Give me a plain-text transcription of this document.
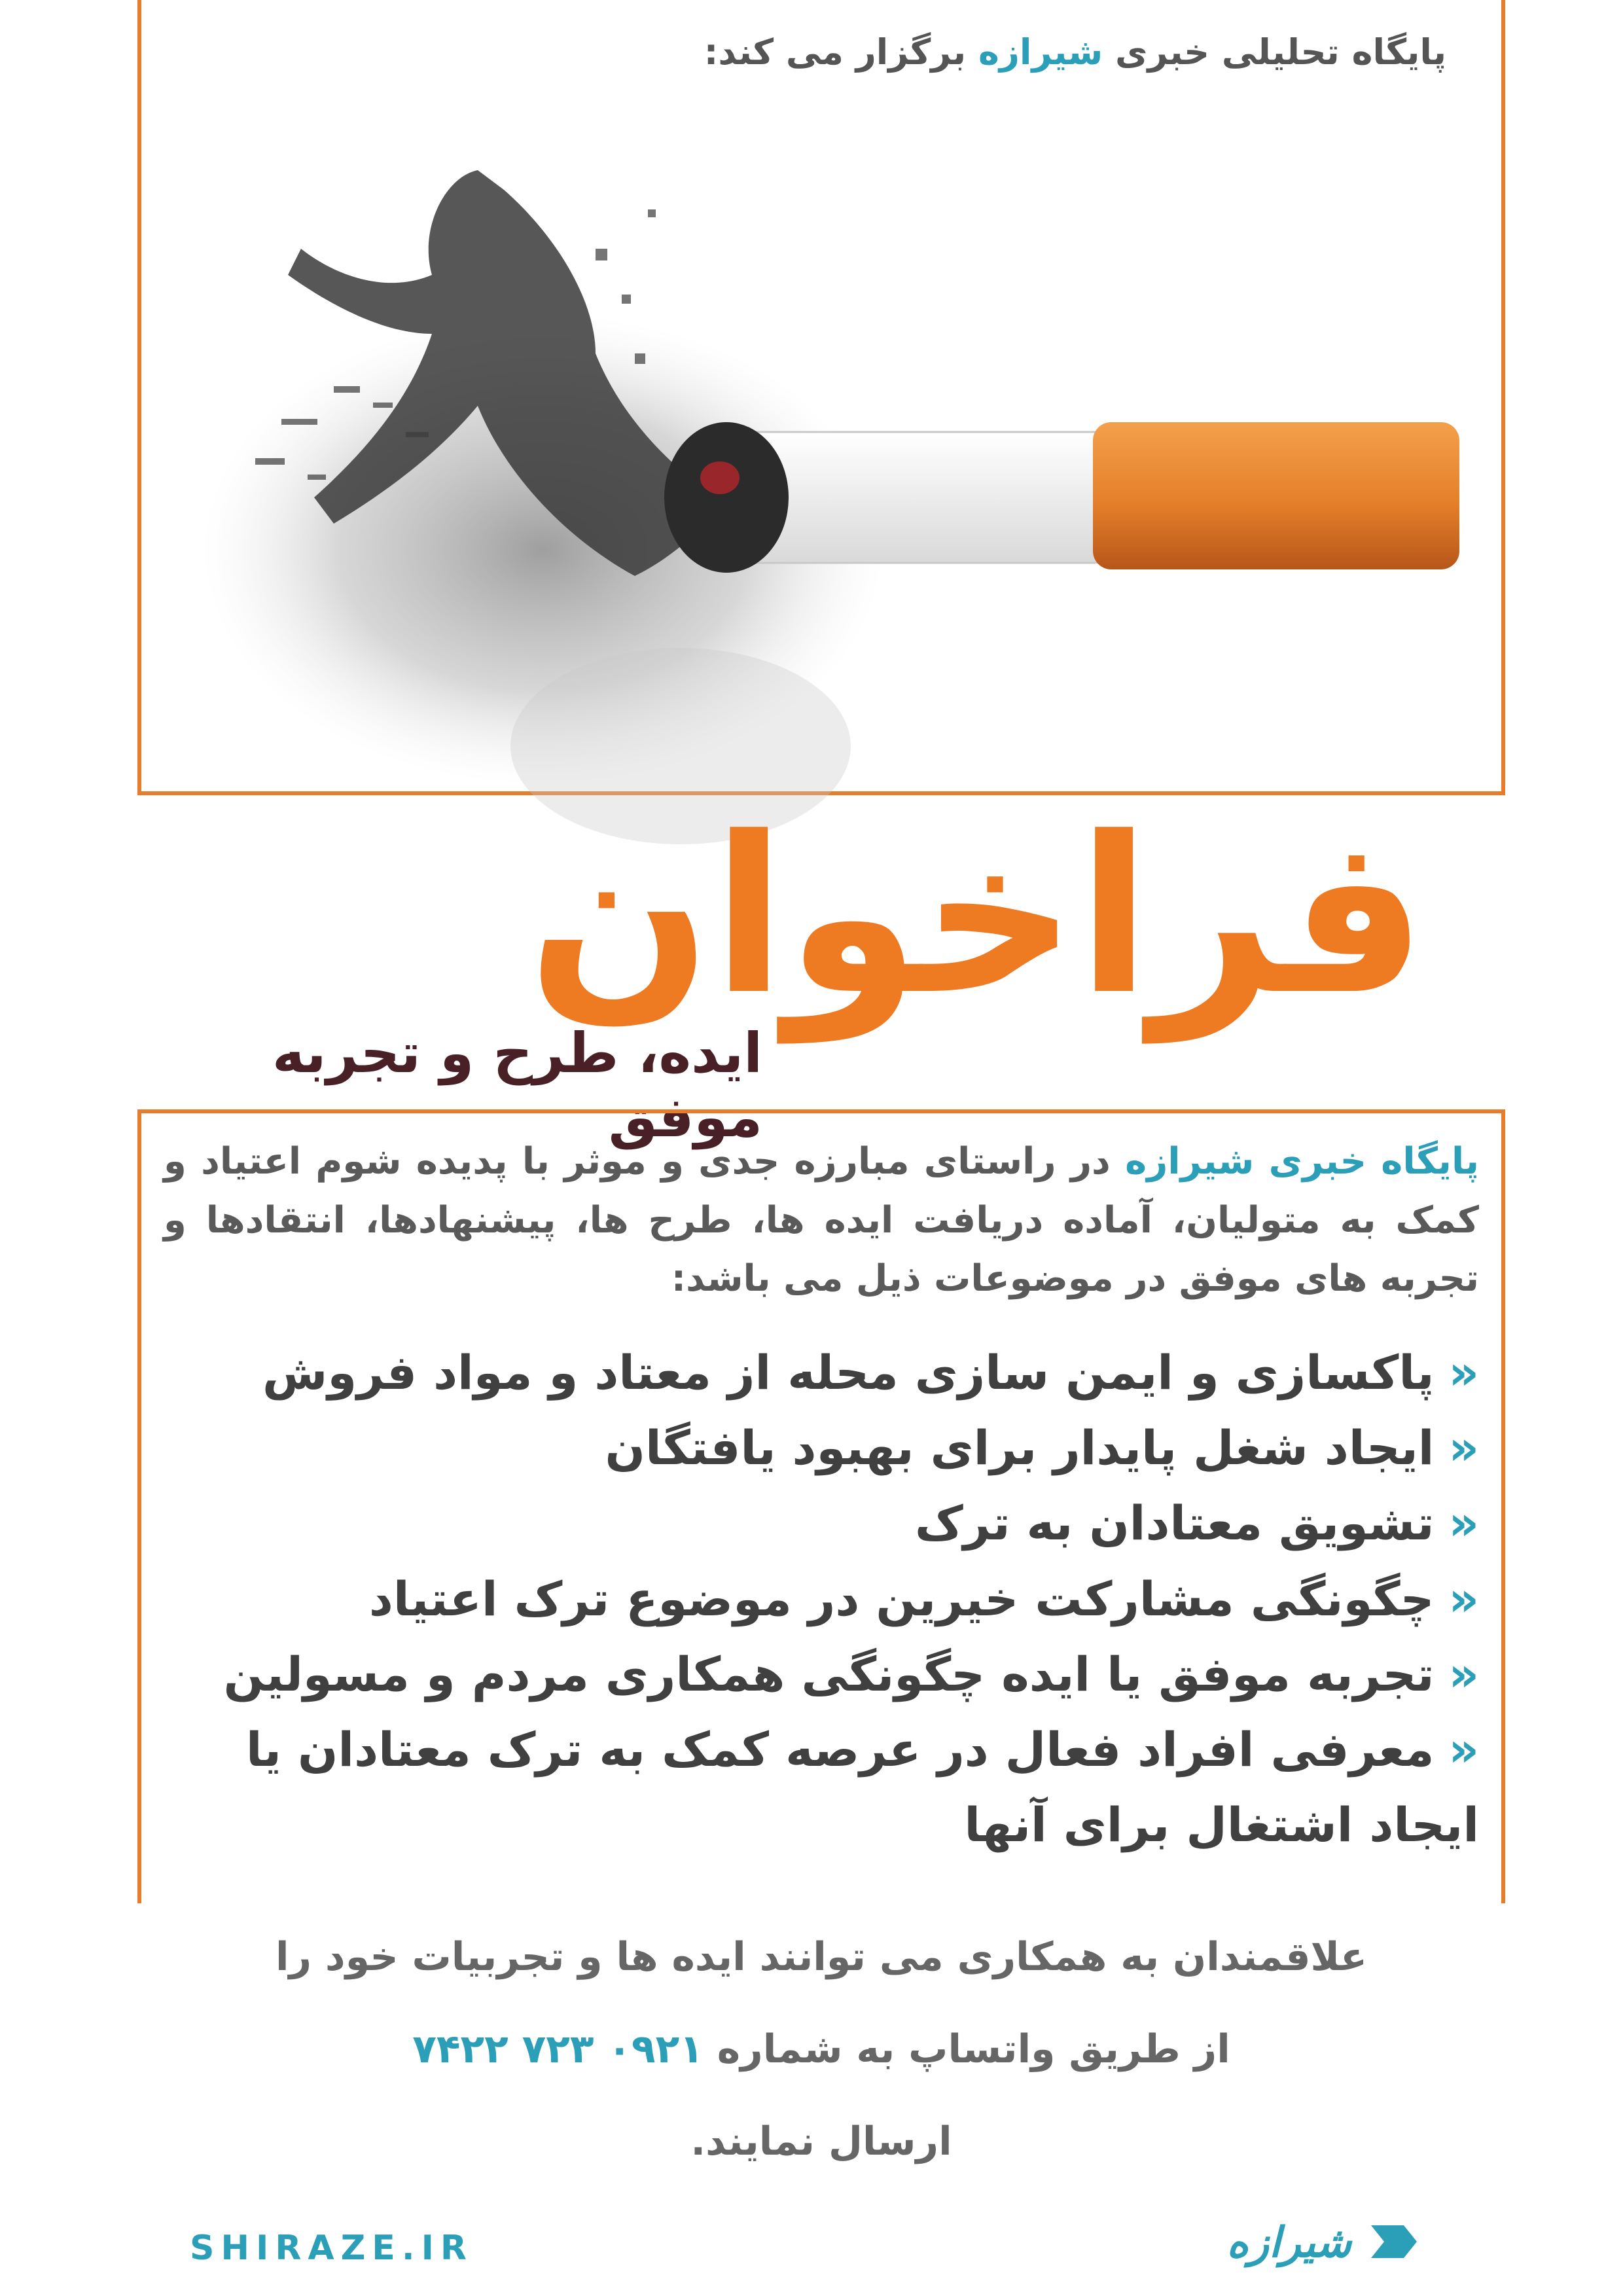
پایگاه تحلیلی خبری شیرازه برگزار می کند:
فراخوان
ایده، طرح و تجربه موفق
پایگاه خبری شیرازه در راستای مبارزه جدی و موثر با پدیده شوم اعتیاد و کمک به متولیان، آماده دریافت ایده ها، طرح ها، پیشنهادها، انتقادها و تجربه های موفق در موضوعات ذیل می باشد:
«پاکسازی و ایمن سازی محله از معتاد و مواد فروش
«ایجاد شغل پایدار برای بهبود یافتگان
«تشویق معتادان به ترک
«چگونگی مشارکت خیرین در موضوع ترک اعتیاد
«تجربه موفق یا ایده چگونگی همکاری مردم و مسولین
«معرفی افراد فعال در عرصه کمک به ترک معتادان یا ایجاد اشتغال برای آنها
علاقمندان به همکاری می توانند ایده ها و تجربیات خود را
از طریق واتساپ به شماره ۰۹۲۱ ۷۲۳ ۷۴۲۲
ارسال نمایند.
SHIRAZE.IR	شیرازه
